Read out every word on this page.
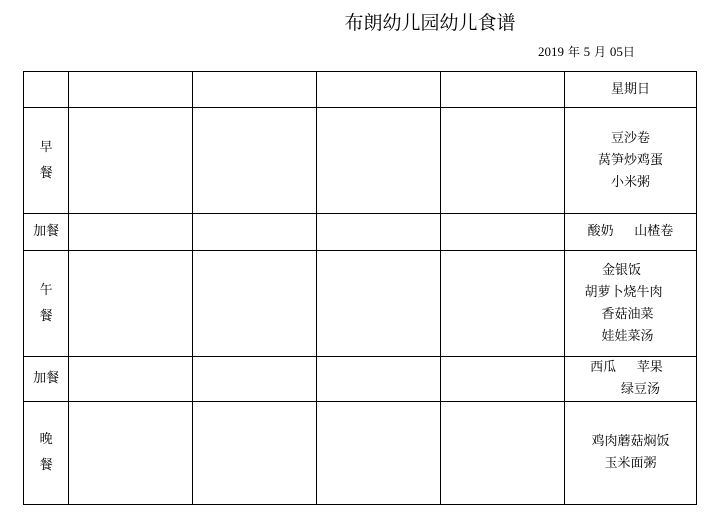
布朗幼儿园幼儿食谱
2019 年 5 月 05日
					星期日

早
餐					豆沙卷
莴笋炒鸡蛋
小米粥

加餐					酸奶     山楂卷

午
餐					金银饭
胡萝卜烧牛肉
香菇油菜
娃娃菜汤

加餐					西瓜     苹果
绿豆汤

晚
餐					鸡肉蘑菇焖饭
玉米面粥
